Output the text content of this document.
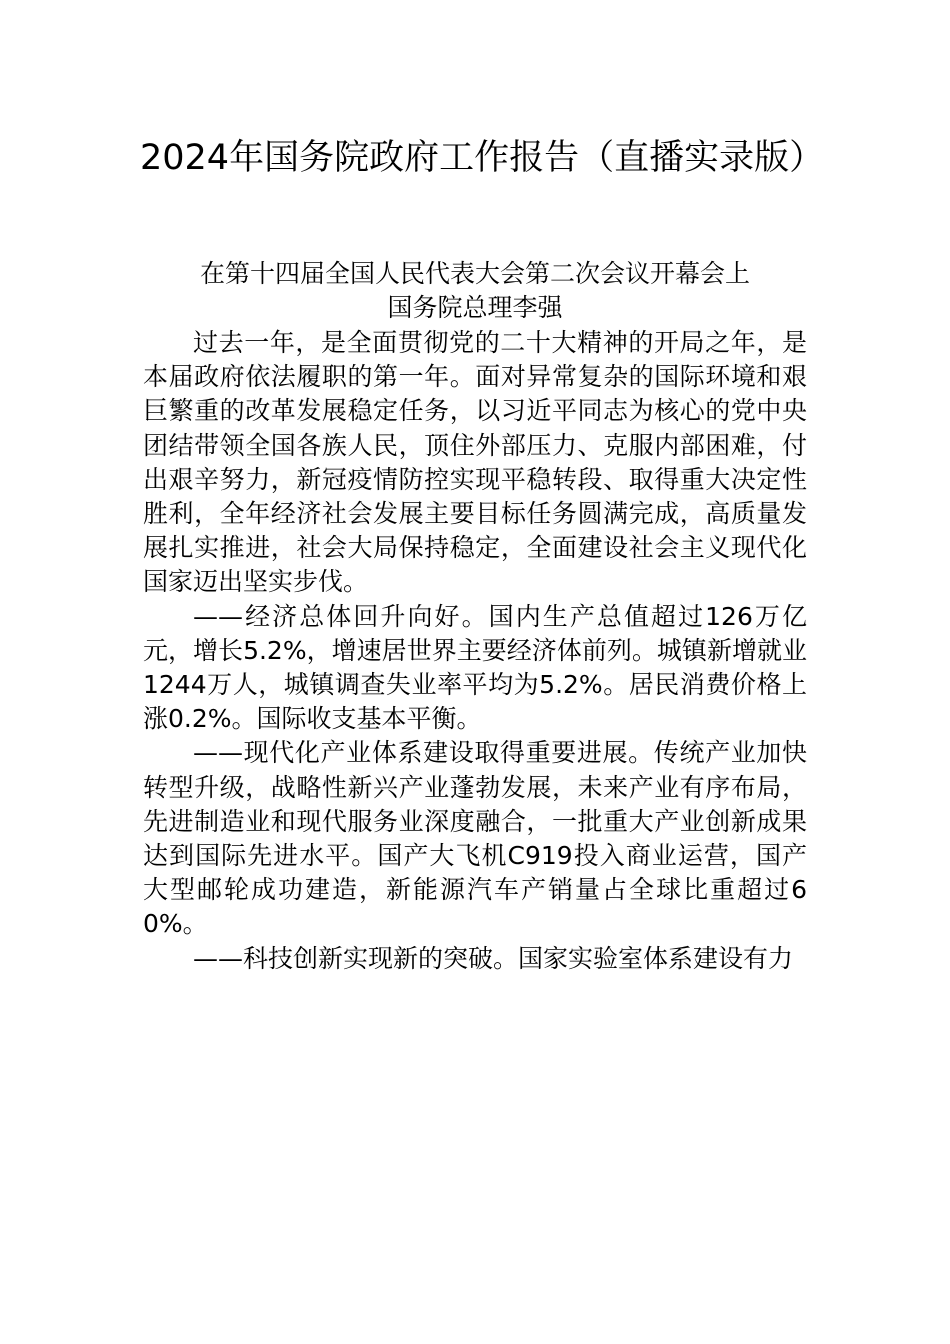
2024年国务院政府工作报告（直播实录版）

在第十四届全国人民代表大会第二次会议开幕会上

国务院总理李强

过去一年，是全面贯彻党的二十大精神的开局之年，是本届政府依法履职的第一年。面对异常复杂的国际环境和艰巨繁重的改革发展稳定任务，以习近平同志为核心的党中央团结带领全国各族人民，顶住外部压力、克服内部困难，付出艰辛努力，新冠疫情防控实现平稳转段、取得重大决定性胜利，全年经济社会发展主要目标任务圆满完成，高质量发展扎实推进，社会大局保持稳定，全面建设社会主义现代化国家迈出坚实步伐。

——经济总体回升向好。国内生产总值超过126万亿元，增长5.2%，增速居世界主要经济体前列。城镇新增就业1244万人，城镇调查失业率平均为5.2%。居民消费价格上涨0.2%。国际收支基本平衡。

——现代化产业体系建设取得重要进展。传统产业加快转型升级，战略性新兴产业蓬勃发展，未来产业有序布局，先进制造业和现代服务业深度融合，一批重大产业创新成果达到国际先进水平。国产大飞机C919投入商业运营，国产大型邮轮成功建造，新能源汽车产销量占全球比重超过60%。

——科技创新实现新的突破。国家实验室体系建设有力
